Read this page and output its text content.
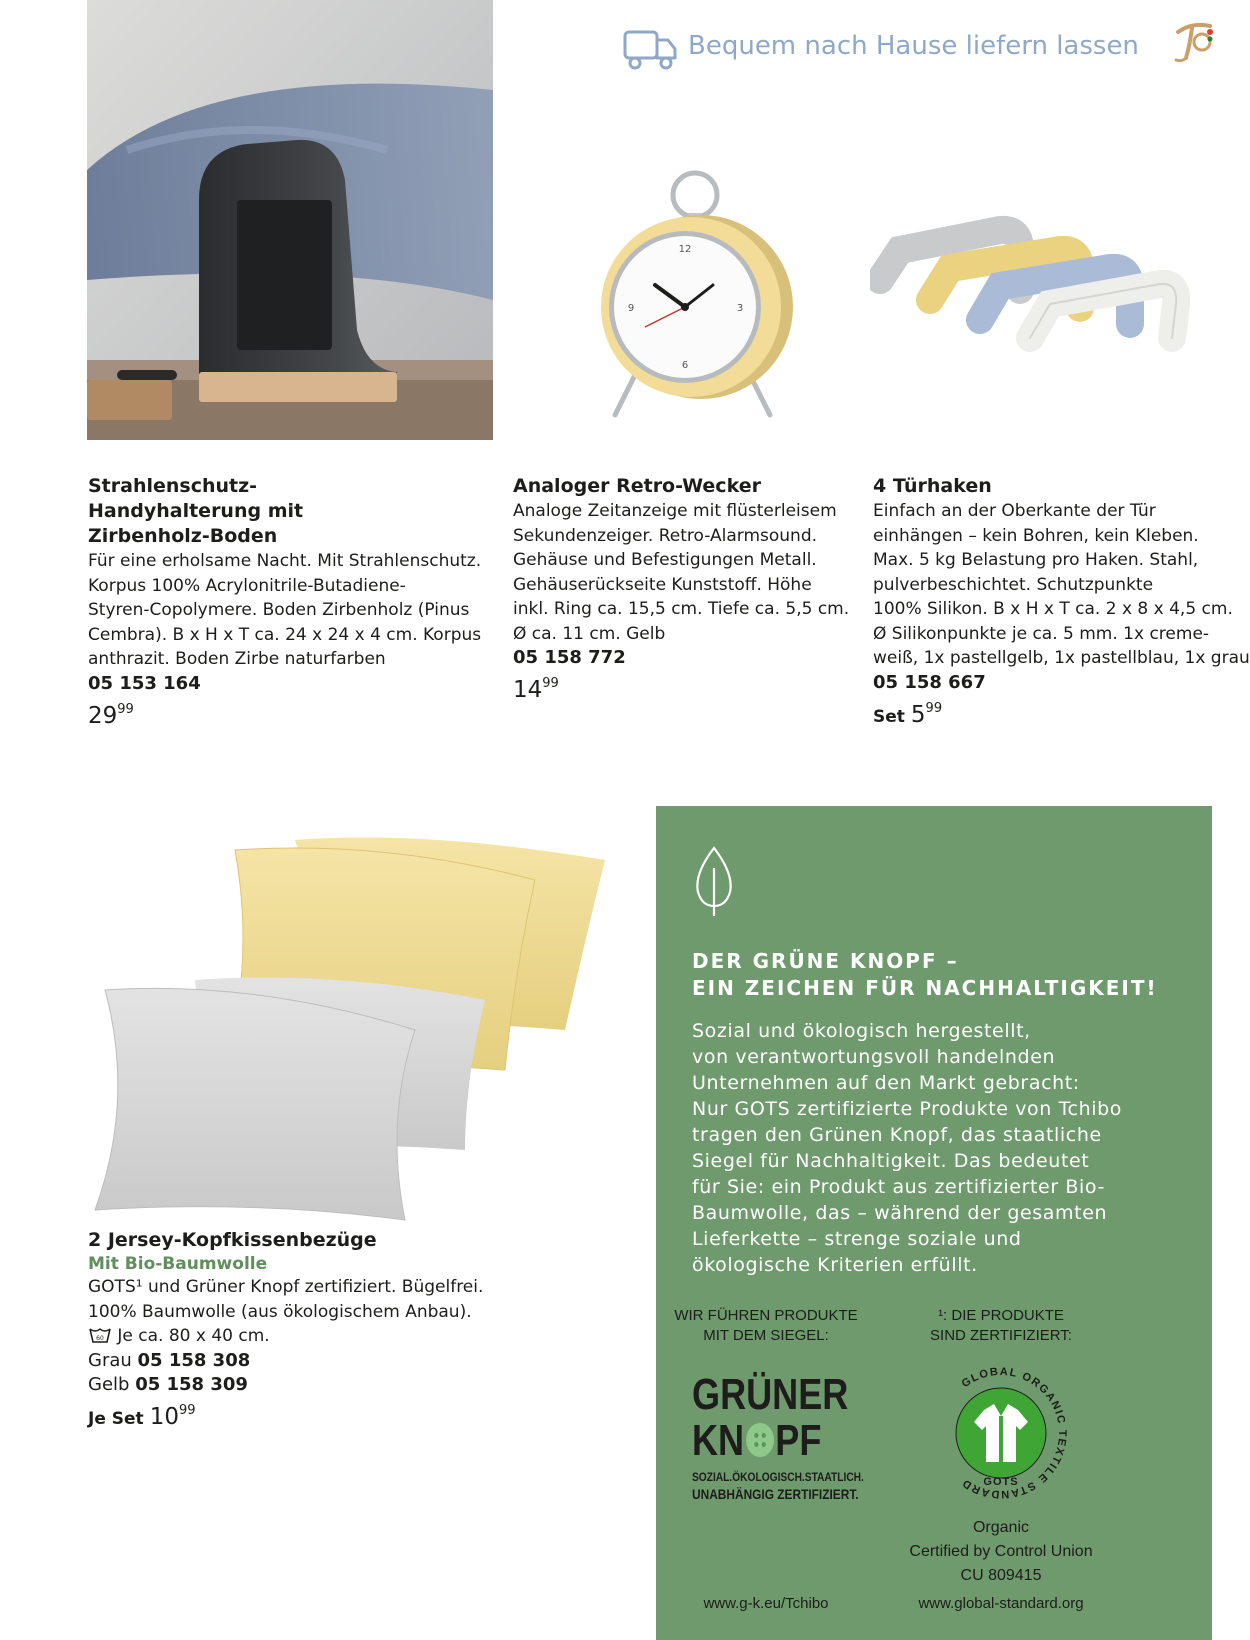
Bequem nach Hause liefern lassen
12
3
6
9
Strahlenschutz-Handyhalterung mit Zirbenholz-Boden
Für eine erholsame Nacht. Mit Strahlenschutz.
Korpus 100% Acrylonitrile-Butadiene-
Styren-Copolymere. Boden Zirbenholz (Pinus
Cembra). B x H x T ca. 24 x 24 x 4 cm. Korpus
anthrazit. Boden Zirbe naturfarben
05 153 164
$29^{99}$
Analoger Retro-Wecker
Analoge Zeitanzeige mit flüsterleisem
Sekundenzeiger. Retro-Alarmsound.
Gehäuse und Befestigungen Metall.
Gehäuserückseite Kunststoff. Höhe
inkl. Ring ca. 15,5 cm. Tiefe ca. 5,5 cm.
Ø ca. 11 cm. Gelb
05 158 772
$14^{99}$
4 Türhaken
Einfach an der Oberkante der Tür
einhängen – kein Bohren, kein Kleben.
Max. 5 kg Belastung pro Haken. Stahl,
pulverbeschichtet. Schutzpunkte
100% Silikon. B x H x T ca. 2 x 8 x 4,5 cm.
Ø Silikonpunkte je ca. 5 mm. 1x creme-
weiß, 1x pastellgelb, 1x pastellblau, 1x grau
05 158 667
Set $5^{99}$
2 Jersey-Kopfkissenbezüge
Mit Bio-Baumwolle
GOTS¹ und Grüner Knopf zertifiziert. Bügelfrei.
100% Baumwolle (aus ökologischem Anbau).
60 Je ca. 80 x 40 cm.
Grau 05 158 308
Gelb 05 158 309
Je Set $10^{99}$
DER GRÜNE KNOPF –
EIN ZEICHEN FÜR NACHHALTIGKEIT!
Sozial und ökologisch hergestellt,
von verantwortungsvoll handelnden
Unternehmen auf den Markt gebracht:
Nur GOTS zertifizierte Produkte von Tchibo
tragen den Grünen Knopf, das staatliche
Siegel für Nachhaltigkeit. Das bedeutet
für Sie: ein Produkt aus zertifizierter Bio-
Baumwolle, das – während der gesamten
Lieferkette – strenge soziale und
ökologische Kriterien erfüllt.
WIR FÜHREN PRODUKTE
MIT DEM SIEGEL:
¹: DIE PRODUKTE
SIND ZERTIFIZIERT:
GRÜNER
KN PF
SOZIAL.ÖKOLOGISCH.STAATLICH.
UNABHÄNGIG ZERTIFIZIERT.
GLOBAL ORGANIC TEXTILE STANDARD GOTS
Organic
Certified by Control Union
CU 809415
www.g-k.eu/Tchibo	www.global-standard.org
